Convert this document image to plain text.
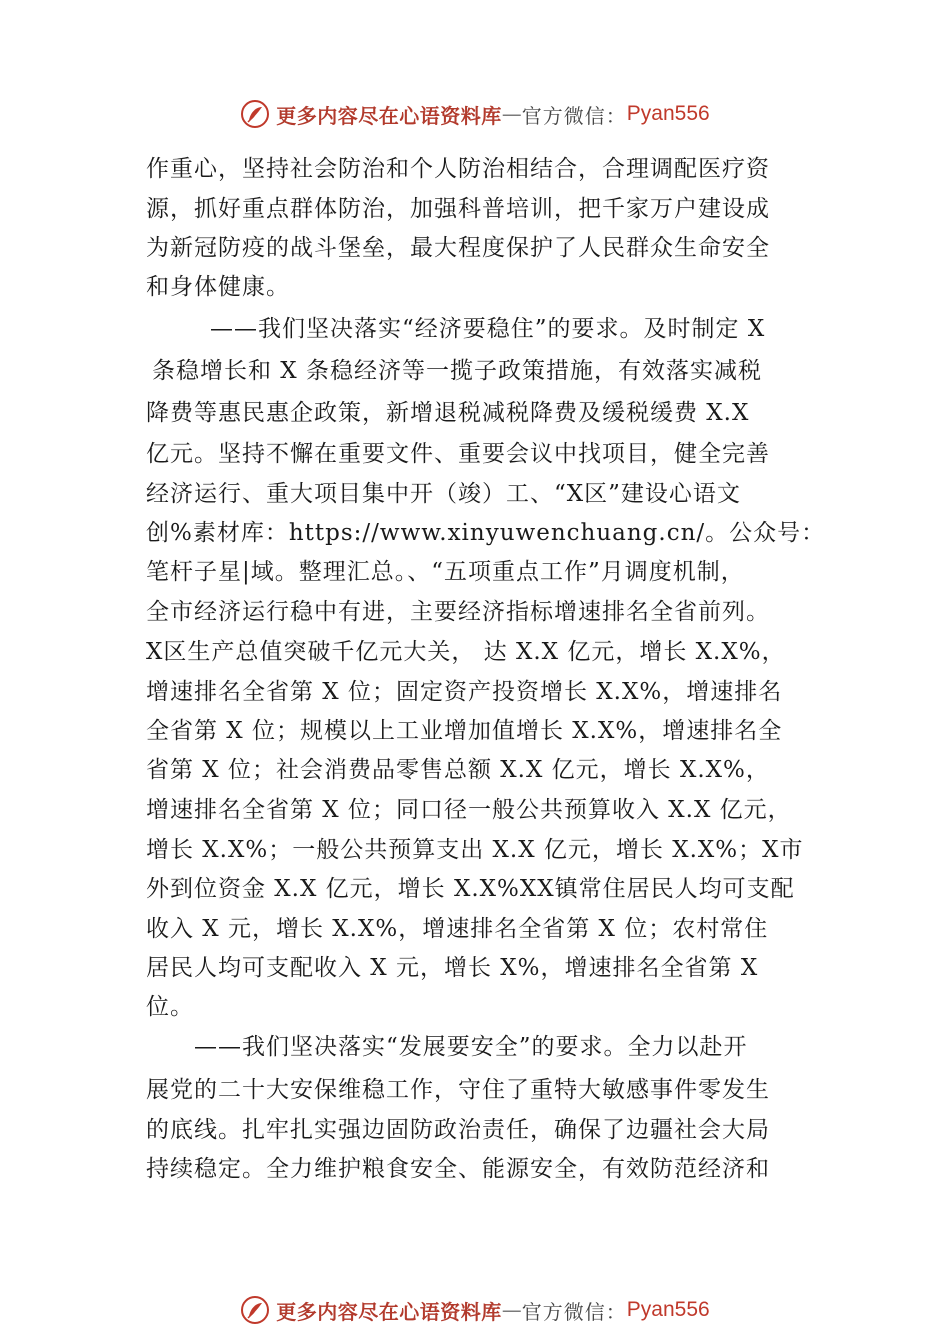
更多内容尽在心语资料库 — 官方微信： Pyan556
作重心，坚持社会防治和个人防治相结合，合理调配医疗资
源，抓好重点群体防治，加强科普培训，把千家万户建设成
为新冠防疫的战斗堡垒，最大程度保护了人民群众生命安全
和身体健康。
——我们坚决落实“经济要稳住”的要求。及时制定 X
条稳增长和 X 条稳经济等一揽子政策措施，有效落实减税
降费等惠民惠企政策，新增退税减税降费及缓税缓费 X.X
亿元。坚持不懈在重要文件、重要会议中找项目，健全完善
经济运行、重大项目集中开（竣）工、“X区”建设心语文
创%素材库：https://www.xinyuwenchuang.cn/。公众号：
笔杆子星|域。整理汇总。、“五项重点工作”月调度机制，
全市经济运行稳中有进，主要经济指标增速排名全省前列。
X区生产总值突破千亿元大关， 达 X.X 亿元，增长 X.X%，
增速排名全省第 X 位；固定资产投资增长 X.X%，增速排名
全省第 X 位；规模以上工业增加值增长 X.X%，增速排名全
省第 X 位；社会消费品零售总额 X.X 亿元，增长 X.X%，
增速排名全省第 X 位；同口径一般公共预算收入 X.X 亿元，
增长 X.X%；一般公共预算支出 X.X 亿元，增长 X.X%；X市
外到位资金 X.X 亿元，增长 X.X%XX镇常住居民人均可支配
收入 X 元，增长 X.X%，增速排名全省第 X 位；农村常住
居民人均可支配收入 X 元，增长 X%，增速排名全省第 X
位。
——我们坚决落实“发展要安全”的要求。全力以赴开
展党的二十大安保维稳工作，守住了重特大敏感事件零发生
的底线。扎牢扎实强边固防政治责任，确保了边疆社会大局
持续稳定。全力维护粮食安全、能源安全，有效防范经济和
更多内容尽在心语资料库 — 官方微信： Pyan556
